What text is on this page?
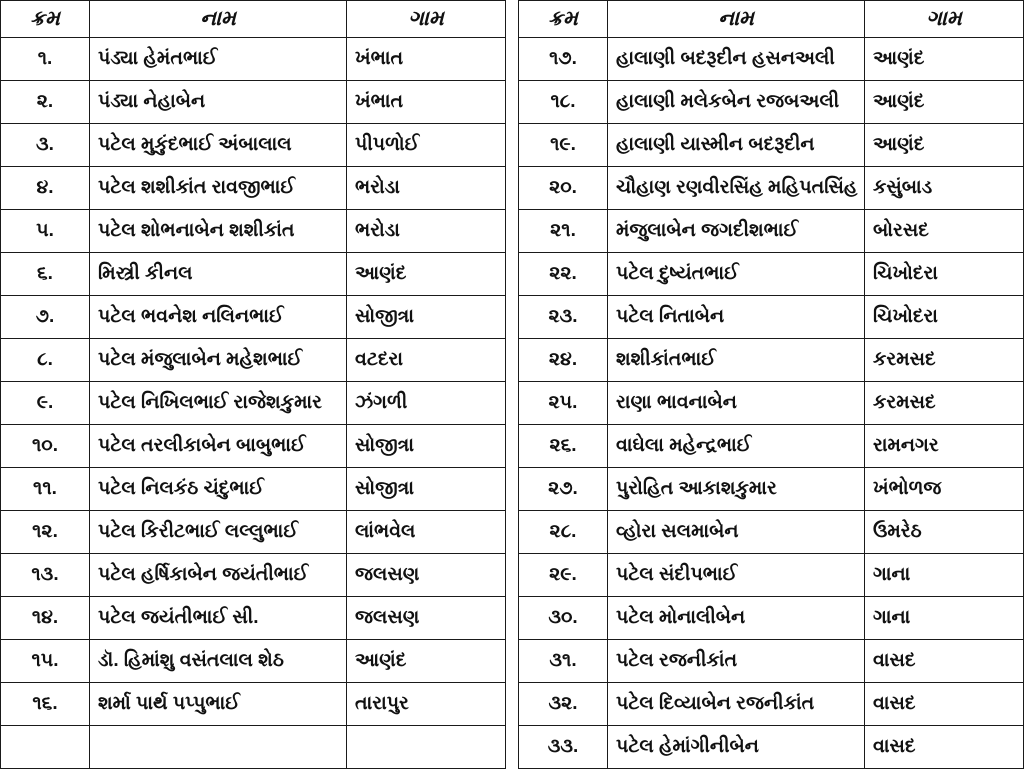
ક્રમ	નામ	ગામ
૧.	પંડ્યા હેમંતભાઈ	ખંભાત
૨.	પંડ્યા નેહાબેન	ખંભાત
૩.	પટેલ મુકુંદભાઈ અંબાલાલ	પીપળોઈ
૪.	પટેલ શશીકાંત રાવજીભાઈ	ભરોડા
૫.	પટેલ શોભનાબેન શશીકાંત	ભરોડા
૬.	મિસ્ત્રી કીનલ	આણંદ
૭.	પટેલ ભવનેશ નલિનભાઈ	સોજીત્રા
૮.	પટેલ મંજુલાબેન મહેશભાઈ	વટદરા
૯.	પટેલ નિખિલભાઈ રાજેશકુમાર	ઝંગળી
૧૦.	પટેલ તરલીકાબેન બાબુભાઈ	સોજીત્રા
૧૧.	પટેલ નિલકંઠ ચંદુભાઈ	સોજીત્રા
૧૨.	પટેલ કિરીટભાઈ લલ્લુભાઈ	લાંભવેલ
૧૩.	પટેલ હર્ષિકાબેન જયંતીભાઈ	જલસણ
૧૪.	પટેલ જયંતીભાઈ સી.	જલસણ
૧૫.	ડૉ. હિમાંશુ વસંતલાલ શેઠ	આણંદ
૧૬.	શર્મા પાર્થ પપ્પુભાઈ	તારાપુર

ક્રમ	નામ	ગામ
૧૭.	હાલાણી બદરૂદીન હસનઅલી	આણંદ
૧૮.	હાલાણી મલેકબેન રજબઅલી	આણંદ
૧૯.	હાલાણી યાસ્મીન બદરૂદીન	આણંદ
૨૦.	ચૌહાણ રણવીરસિંહ મહિપતસિંહ	કસુંબાડ
૨૧.	મંજુલાબેન જગદીશભાઈ	બોરસદ
૨૨.	પટેલ દુષ્યંતભાઈ	ચિખોદરા
૨૩.	પટેલ નિતાબેન	ચિખોદરા
૨૪.	શશીકાંતભાઈ	કરમસદ
૨૫.	રાણા ભાવનાબેન	કરમસદ
૨૬.	વાઘેલા મહેન્દ્રભાઈ	રામનગર
૨૭.	પુરોહિત આકાશકુમાર	ખંભોળજ
૨૮.	વ્હોરા સલમાબેન	ઉમરેઠ
૨૯.	પટેલ સંદીપભાઈ	ગાના
૩૦.	પટેલ મોનાલીબેન	ગાના
૩૧.	પટેલ રજનીકાંત	વાસદ
૩૨.	પટેલ દિવ્યાબેન રજનીકાંત	વાસદ
૩૩.	પટેલ હેમાંગીનીબેન	વાસદ
